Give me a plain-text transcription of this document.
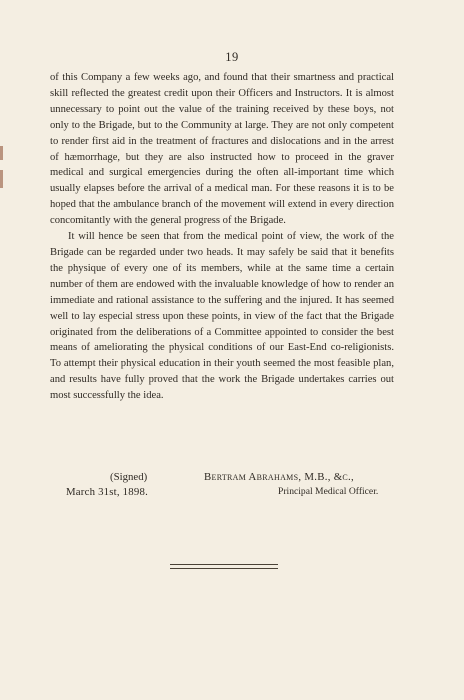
19

of this Company a few weeks ago, and found that their smartness and practical skill reflected the greatest credit upon their Officers and Instructors. It is almost unnecessary to point out the value of the training received by these boys, not only to the Brigade, but to the Community at large. They are not only competent to render first aid in the treatment of fractures and dislocations and in the arrest of hæmorrhage, but they are also instructed how to proceed in the graver medical and surgical emergencies during the often all-important time which usually elapses before the arrival of a medical man. For these reasons it is to be hoped that the ambulance branch of the movement will extend in every direction concomitantly with the general progress of the Brigade.

It will hence be seen that from the medical point of view, the work of the Brigade can be regarded under two heads. It may safely be said that it benefits the physique of every one of its members, while at the same time a certain number of them are endowed with the invaluable knowledge of how to render an immediate and rational assistance to the suffering and the injured. It has seemed well to lay especial stress upon these points, in view of the fact that the Brigade originated from the deliberations of a Committee appointed to consider the best means of ameliorating the physical conditions of our East-End co-religionists. To attempt their physical education in their youth seemed the most feasible plan, and results have fully proved that the work the Brigade undertakes carries out most successfully the idea.

(Signed)	Bertram Abrahams, M.B., &c.,
March 31st, 1898.	Principal Medical Officer.
